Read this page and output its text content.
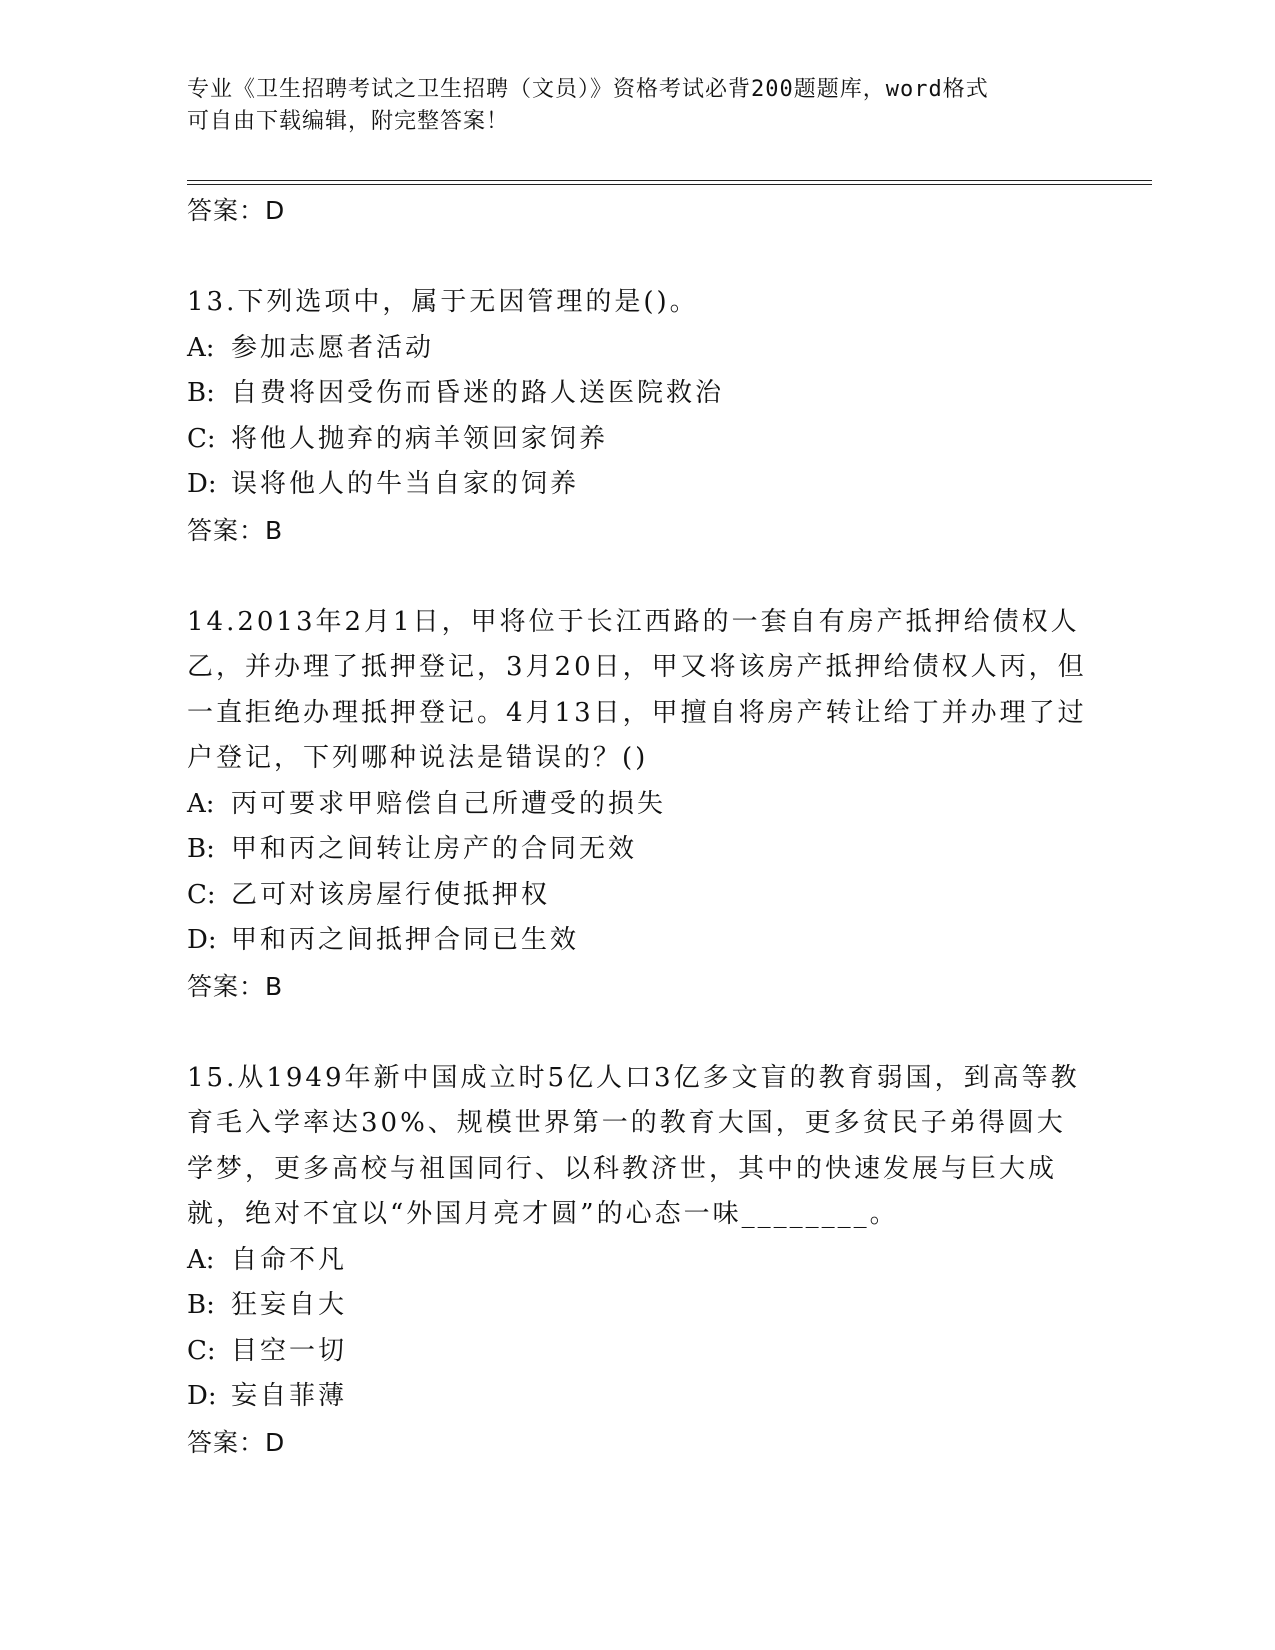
专业《卫生招聘考试之卫生招聘（文员）》资格考试必背200题题库，word格式
可自由下载编辑，附完整答案！
答案：D

13.下列选项中，属于无因管理的是()。

A: 参加志愿者活动
B: 自费将因受伤而昏迷的路人送医院救治
C: 将他人抛弃的病羊领回家饲养
D: 误将他人的牛当自家的饲养
答案：B

14.2013年2月1日，甲将位于长江西路的一套自有房产抵押给债权人乙，并办理了抵押登记，3月20日，甲又将该房产抵押给债权人丙，但一直拒绝办理抵押登记。4月13日，甲擅自将房产转让给丁并办理了过户登记，下列哪种说法是错误的？()

A: 丙可要求甲赔偿自己所遭受的损失
B: 甲和丙之间转让房产的合同无效
C: 乙可对该房屋行使抵押权
D: 甲和丙之间抵押合同已生效
答案：B

15.从1949年新中国成立时5亿人口3亿多文盲的教育弱国，到高等教育毛入学率达30%、规模世界第一的教育大国，更多贫民子弟得圆大学梦，更多高校与祖国同行、以科教济世，其中的快速发展与巨大成就，绝对不宜以“外国月亮才圆”的心态一味________。

A: 自命不凡
B: 狂妄自大
C: 目空一切
D: 妄自菲薄
答案：D
